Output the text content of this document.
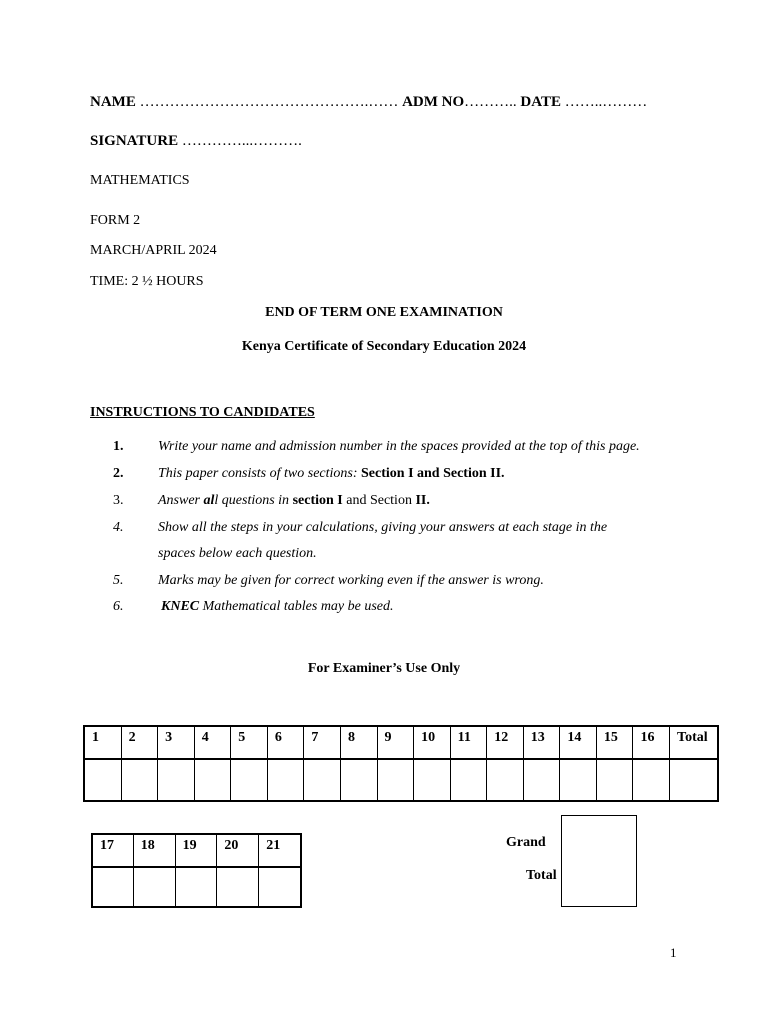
NAME ……………………………………….…… ADM NO……….. DATE ……..………
SIGNATURE …………...……….
MATHEMATICS
FORM 2
MARCH/APRIL 2024
TIME: 2 ½ HOURS
END OF TERM ONE EXAMINATION
Kenya Certificate of Secondary Education 2024
INSTRUCTIONS TO CANDIDATES
1. Write your name and admission number in the spaces provided at the top of this page.
2. This paper consists of two sections: Section I and Section II.
3. Answer all questions in section I and Section II.
4. Show all the steps in your calculations, giving your answers at each stage in the
spaces below each question.
5. Marks may be given for correct working even if the answer is wrong.
6.	KNEC Mathematical tables may be used.
For Examiner’s Use Only
1	2	3	4	5	6	7	8	9	10	11	12	13	14	15	16	Total

17	18	19	20	21

					Grand
Total
1
